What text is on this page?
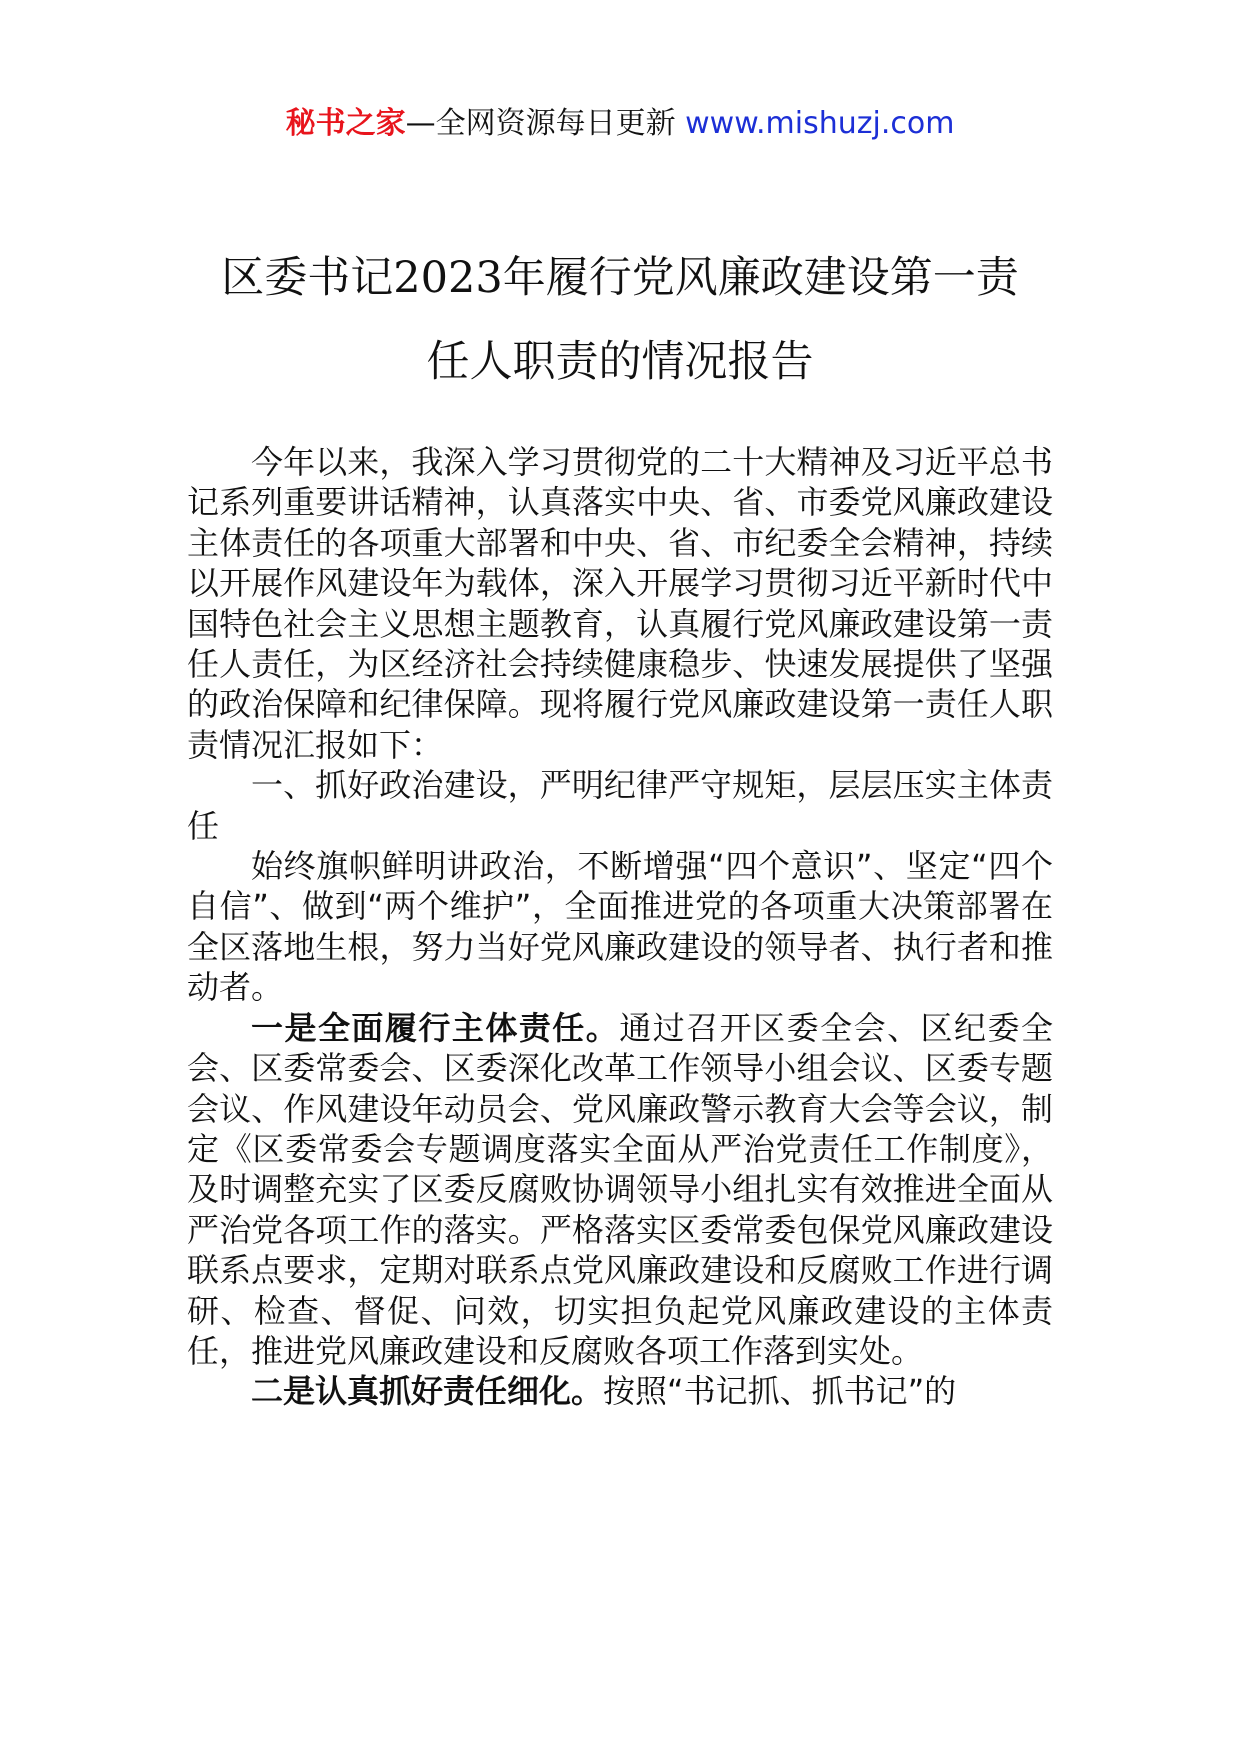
秘书之家—全网资源每日更新 www.mishuzj.com
区委书记2023年履行党风廉政建设第一责
任人职责的情况报告

今年以来，我深入学习贯彻党的二十大精神及习近平总书记系列重要讲话精神，认真落实中央、省、市委党风廉政建设主体责任的各项重大部署和中央、省、市纪委全会精神，持续以开展作风建设年为载体，深入开展学习贯彻习近平新时代中国特色社会主义思想主题教育，认真履行党风廉政建设第一责任人责任，为区经济社会持续健康稳步、快速发展提供了坚强的政治保障和纪律保障。现将履行党风廉政建设第一责任人职责情况汇报如下：

一、抓好政治建设，严明纪律严守规矩，层层压实主体责任

始终旗帜鲜明讲政治，不断增强“四个意识”、坚定“四个自信”、做到“两个维护”，全面推进党的各项重大决策部署在全区落地生根，努力当好党风廉政建设的领导者、执行者和推动者。

一是全面履行主体责任。通过召开区委全会、区纪委全会、区委常委会、区委深化改革工作领导小组会议、区委专题会议、作风建设年动员会、党风廉政警示教育大会等会议，制定《区委常委会专题调度落实全面从严治党责任工作制度》，及时调整充实了区委反腐败协调领导小组扎实有效推进全面从严治党各项工作的落实。严格落实区委常委包保党风廉政建设联系点要求，定期对联系点党风廉政建设和反腐败工作进行调研、检查、督促、问效，切实担负起党风廉政建设的主体责任，推进党风廉政建设和反腐败各项工作落到实处。

二是认真抓好责任细化。按照“书记抓、抓书记”的
